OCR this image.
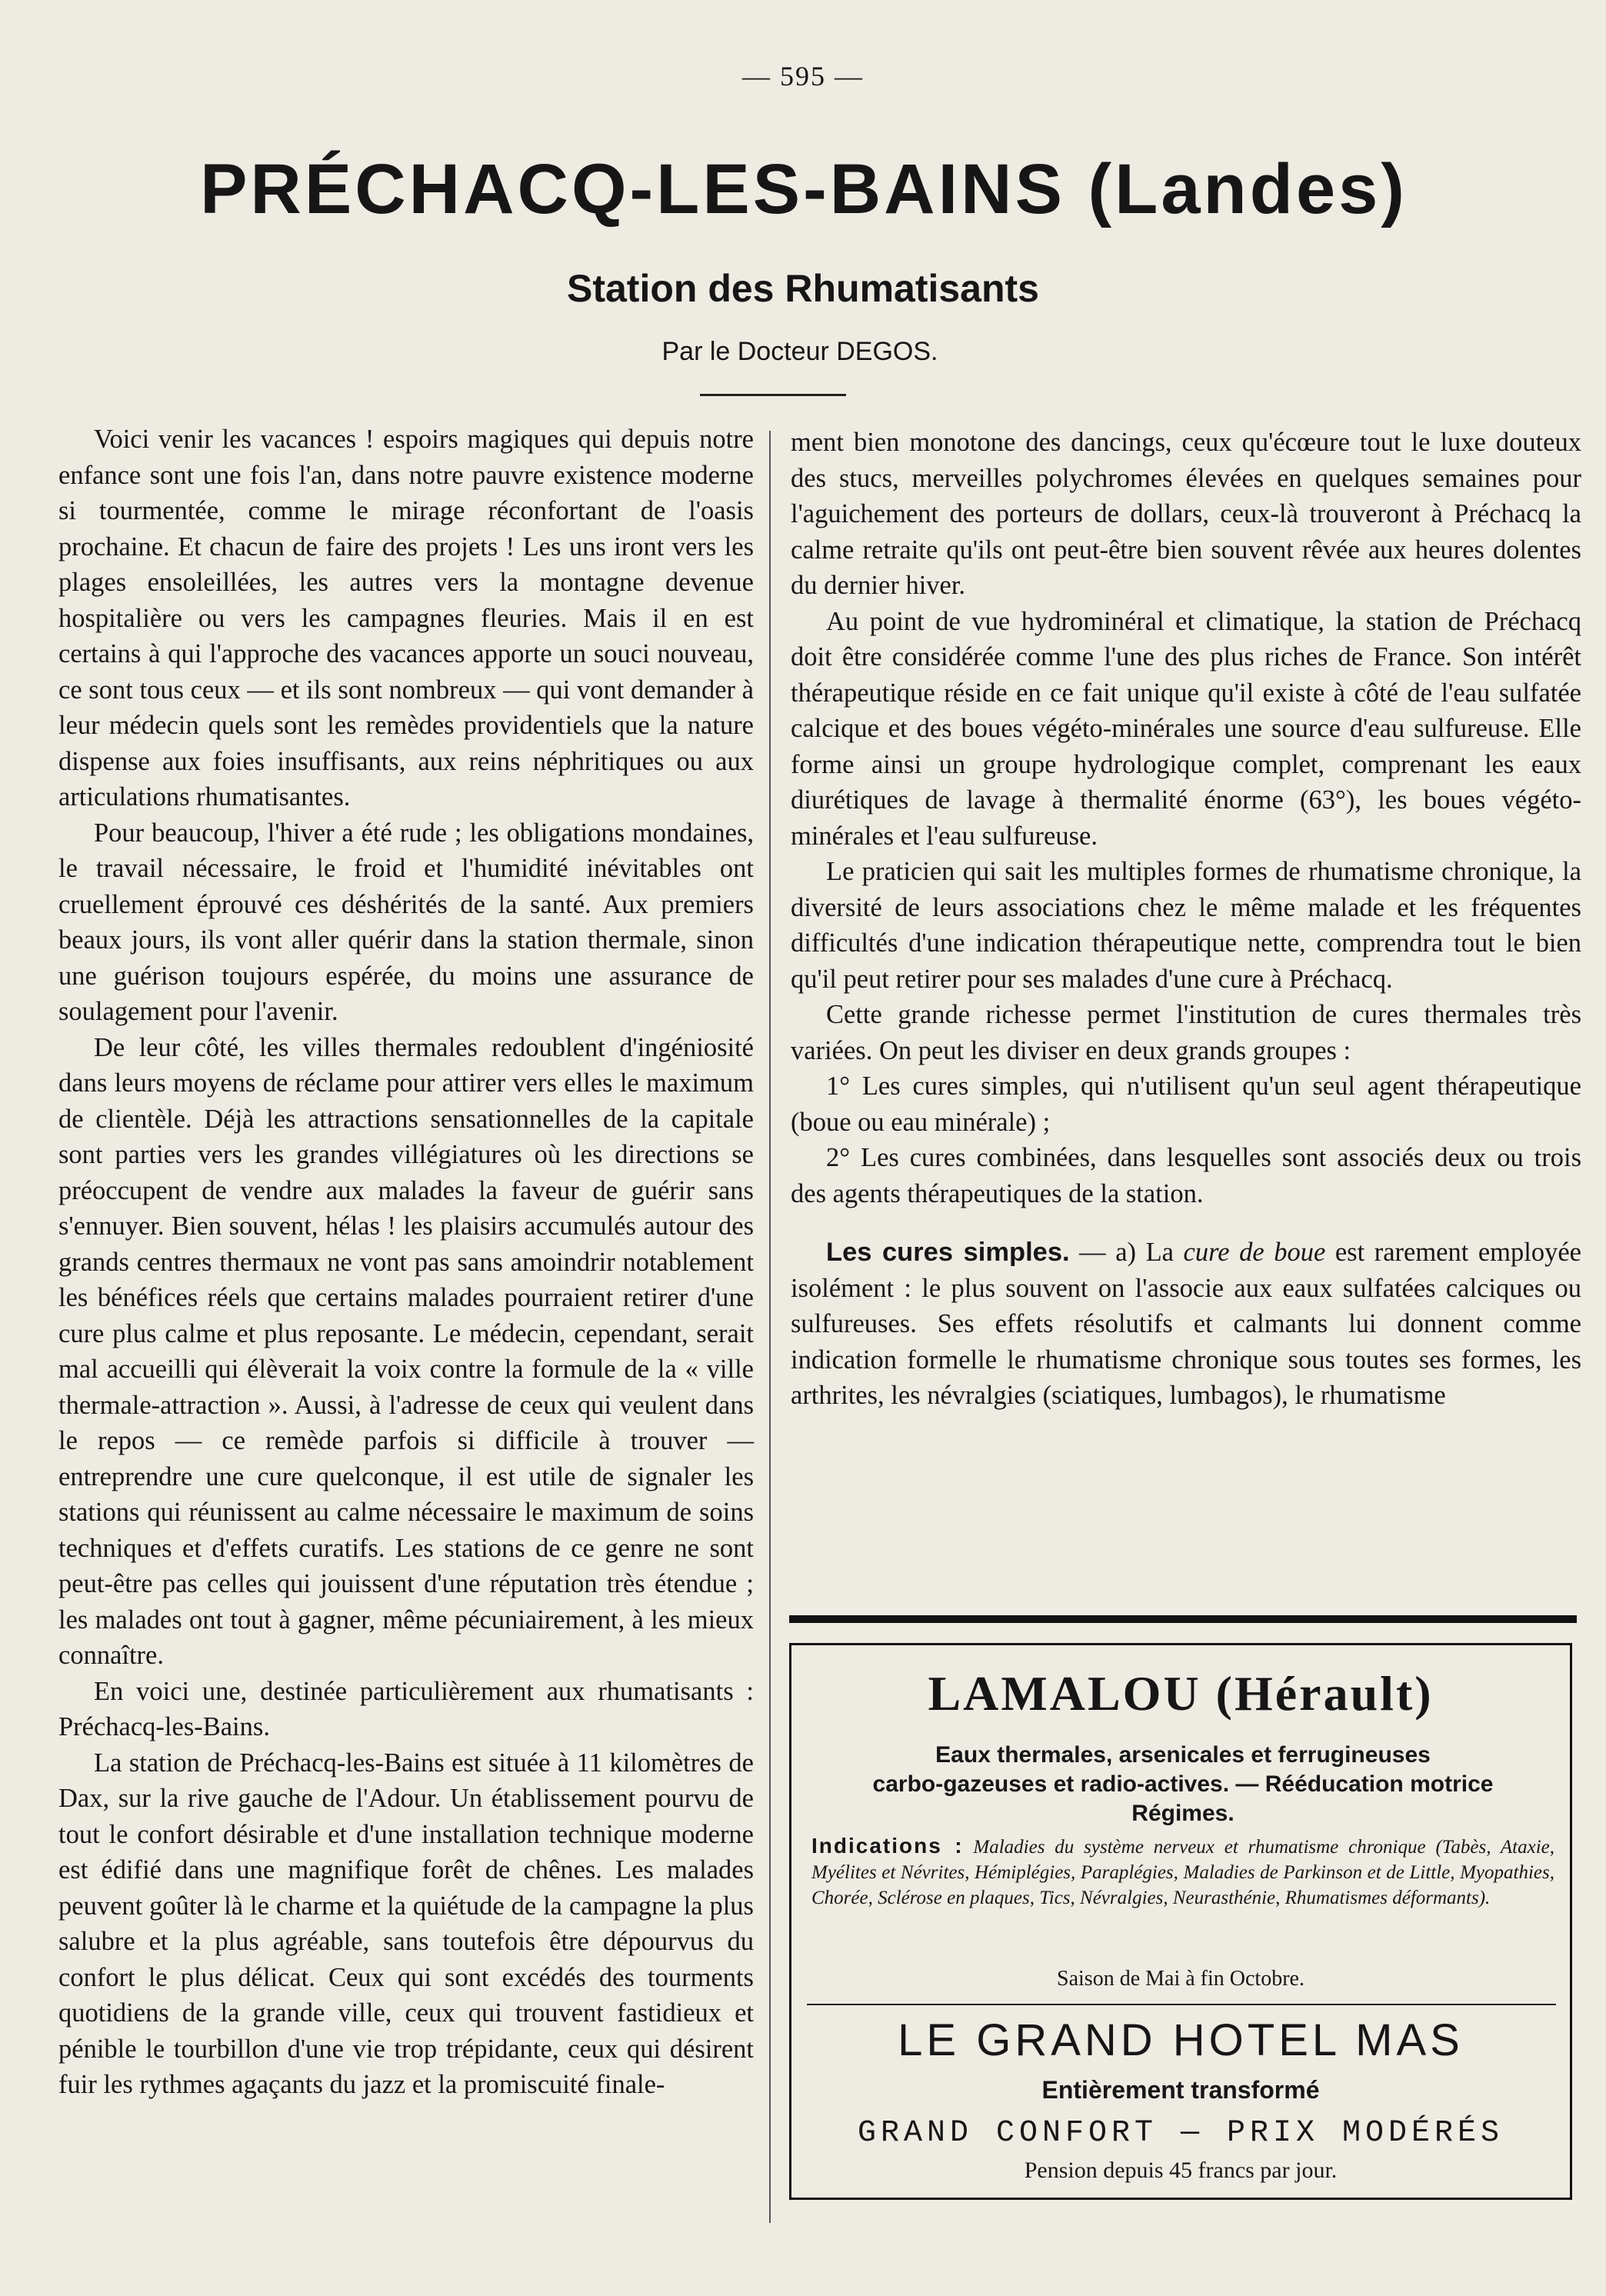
— 595 —
PRÉCHACQ-LES-BAINS (Landes)
Station des Rhumatisants
Par le Docteur DEGOS.

Voici venir les vacances ! espoirs magiques qui depuis notre enfance sont une fois l'an, dans notre pauvre existence moderne si tourmentée, comme le mirage réconfortant de l'oasis prochaine. Et chacun de faire des projets ! Les uns iront vers les plages ensoleillées, les autres vers la montagne devenue hospitalière ou vers les campagnes fleuries. Mais il en est certains à qui l'approche des vacances apporte un souci nouveau, ce sont tous ceux — et ils sont nombreux — qui vont demander à leur médecin quels sont les remèdes providentiels que la nature dispense aux foies insuffisants, aux reins néphritiques ou aux articulations rhumatisantes.

Pour beaucoup, l'hiver a été rude ; les obligations mondaines, le travail nécessaire, le froid et l'humidité inévitables ont cruellement éprouvé ces déshérités de la santé. Aux premiers beaux jours, ils vont aller quérir dans la station thermale, sinon une guérison toujours espérée, du moins une assurance de soulagement pour l'avenir.

De leur côté, les villes thermales redoublent d'ingéniosité dans leurs moyens de réclame pour attirer vers elles le maximum de clientèle. Déjà les attractions sensationnelles de la capitale sont parties vers les grandes villégiatures où les directions se préoccupent de vendre aux malades la faveur de guérir sans s'ennuyer. Bien souvent, hélas ! les plaisirs accumulés autour des grands centres thermaux ne vont pas sans amoindrir notablement les bénéfices réels que certains malades pourraient retirer d'une cure plus calme et plus reposante. Le médecin, cependant, serait mal accueilli qui élèverait la voix contre la formule de la « ville thermale-attraction ». Aussi, à l'adresse de ceux qui veulent dans le repos — ce remède parfois si difficile à trouver — entreprendre une cure quelconque, il est utile de signaler les stations qui réunissent au calme nécessaire le maximum de soins techniques et d'effets curatifs. Les stations de ce genre ne sont peut-être pas celles qui jouissent d'une réputation très étendue ; les malades ont tout à gagner, même pécuniairement, à les mieux connaître.

En voici une, destinée particulièrement aux rhumatisants : Préchacq-les-Bains.

La station de Préchacq-les-Bains est située à 11 kilomètres de Dax, sur la rive gauche de l'Adour. Un établissement pourvu de tout le confort désirable et d'une installation technique moderne est édifié dans une magnifique forêt de chênes. Les malades peuvent goûter là le charme et la quiétude de la campagne la plus salubre et la plus agréable, sans toutefois être dépourvus du confort le plus délicat. Ceux qui sont excédés des tourments quotidiens de la grande ville, ceux qui trouvent fastidieux et pénible le tourbillon d'une vie trop trépidante, ceux qui désirent fuir les rythmes agaçants du jazz et la promiscuité finale-

ment bien monotone des dancings, ceux qu'écœure tout le luxe douteux des stucs, merveilles polychromes élevées en quelques semaines pour l'aguichement des porteurs de dollars, ceux-là trouveront à Préchacq la calme retraite qu'ils ont peut-être bien souvent rêvée aux heures dolentes du dernier hiver.

Au point de vue hydrominéral et climatique, la station de Préchacq doit être considérée comme l'une des plus riches de France. Son intérêt thérapeutique réside en ce fait unique qu'il existe à côté de l'eau sulfatée calcique et des boues végéto-minérales une source d'eau sulfureuse. Elle forme ainsi un groupe hydrologique complet, comprenant les eaux diurétiques de lavage à thermalité énorme (63°), les boues végéto-minérales et l'eau sulfureuse.

Le praticien qui sait les multiples formes de rhumatisme chronique, la diversité de leurs associations chez le même malade et les fréquentes difficultés d'une indication thérapeutique nette, comprendra tout le bien qu'il peut retirer pour ses malades d'une cure à Préchacq.

Cette grande richesse permet l'institution de cures thermales très variées. On peut les diviser en deux grands groupes :

1° Les cures simples, qui n'utilisent qu'un seul agent thérapeutique (boue ou eau minérale) ;

2° Les cures combinées, dans lesquelles sont associés deux ou trois des agents thérapeutiques de la station.

Les cures simples. — a) La cure de boue est rarement employée isolément : le plus souvent on l'associe aux eaux sulfatées calciques ou sulfureuses. Ses effets résolutifs et calmants lui donnent comme indication formelle le rhumatisme chronique sous toutes ses formes, les arthrites, les névralgies (sciatiques, lumbagos), le rhumatisme

LAMALOU (Hérault)
Eaux thermales, arsenicales et ferrugineuses
carbo-gazeuses et radio-actives. — Rééducation motrice
Régimes.
Indications : Maladies du système nerveux et rhumatisme chronique (Tabès, Ataxie, Myélites et Névrites, Hémiplégies, Paraplégies, Maladies de Parkinson et de Little, Myopathies, Chorée, Sclérose en plaques, Tics, Névralgies, Neurasthénie, Rhumatismes déformants).
Saison de Mai à fin Octobre.
LE GRAND HOTEL MAS
Entièrement transformé
GRAND CONFORT — PRIX MODÉRÉS
Pension depuis 45 francs par jour.
